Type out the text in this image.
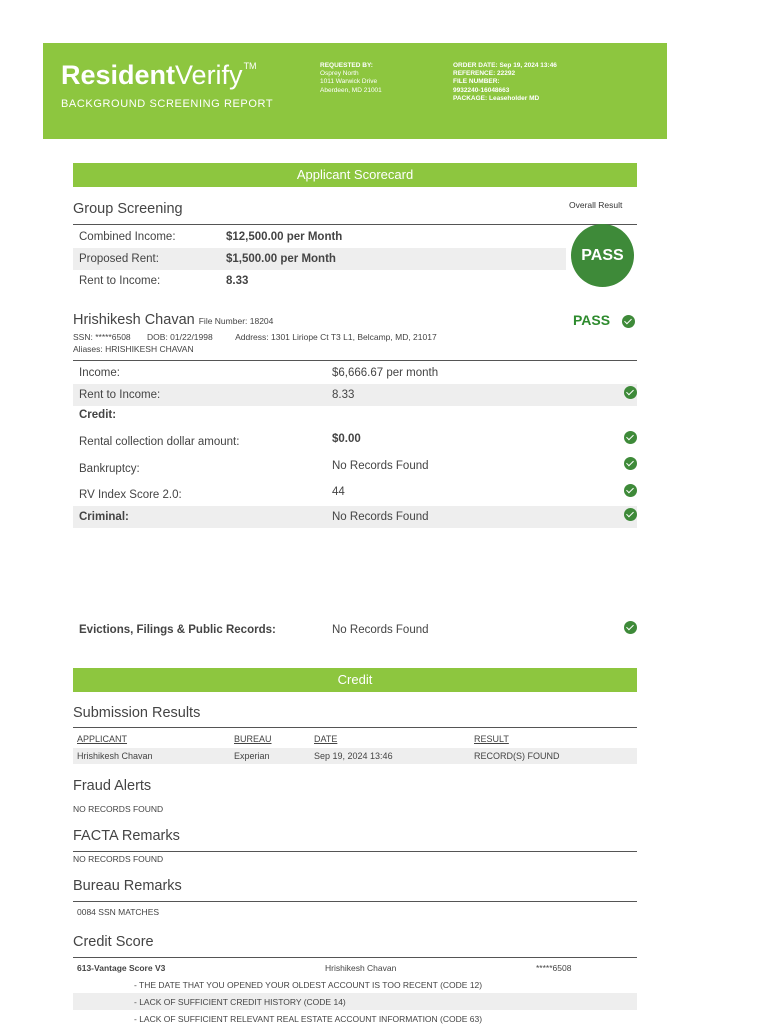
ResidentVerify TM
BACKGROUND SCREENING REPORT
REQUESTED BY:
Osprey North
1011 Warwick Drive
Aberdeen, MD 21001
ORDER DATE: Sep 19, 2024 13:46
REFERENCE: 22292
FILE NUMBER:
9932240-16048663
PACKAGE: Leaseholder MD
Applicant Scorecard
Group Screening	Overall Result
Combined Income:	$12,500.00 per Month
Proposed Rent:	$1,500.00 per Month
Rent to Income:	8.33
PASS
Hrishikesh Chavan File Number: 18204
SSN: *****6508 DOB: 01/22/1998	Address: 1301 Liriope Ct T3 L1, Belcamp, MD, 21017
Aliases: HRISHIKESH CHAVAN
PASS
Income:	$6,666.67 per month
Rent to Income:	8.33
Credit:
Rental collection dollar amount:	$0.00
Bankruptcy:	No Records Found
RV Index Score 2.0:	44
Criminal:	No Records Found
Evictions, Filings & Public Records:	No Records Found
Credit
Submission Results
APPLICANT	BUREAU	DATE	RESULT
Hrishikesh Chavan	Experian	Sep 19, 2024 13:46	RECORD(S) FOUND
Fraud Alerts
NO RECORDS FOUND
FACTA Remarks
NO RECORDS FOUND
Bureau Remarks
0084 SSN MATCHES
Credit Score
613-Vantage Score V3	Hrishikesh Chavan	*****6508
- THE DATE THAT YOU OPENED YOUR OLDEST ACCOUNT IS TOO RECENT (CODE 12)
- LACK OF SUFFICIENT CREDIT HISTORY (CODE 14)
- LACK OF SUFFICIENT RELEVANT REAL ESTATE ACCOUNT INFORMATION (CODE 63)
